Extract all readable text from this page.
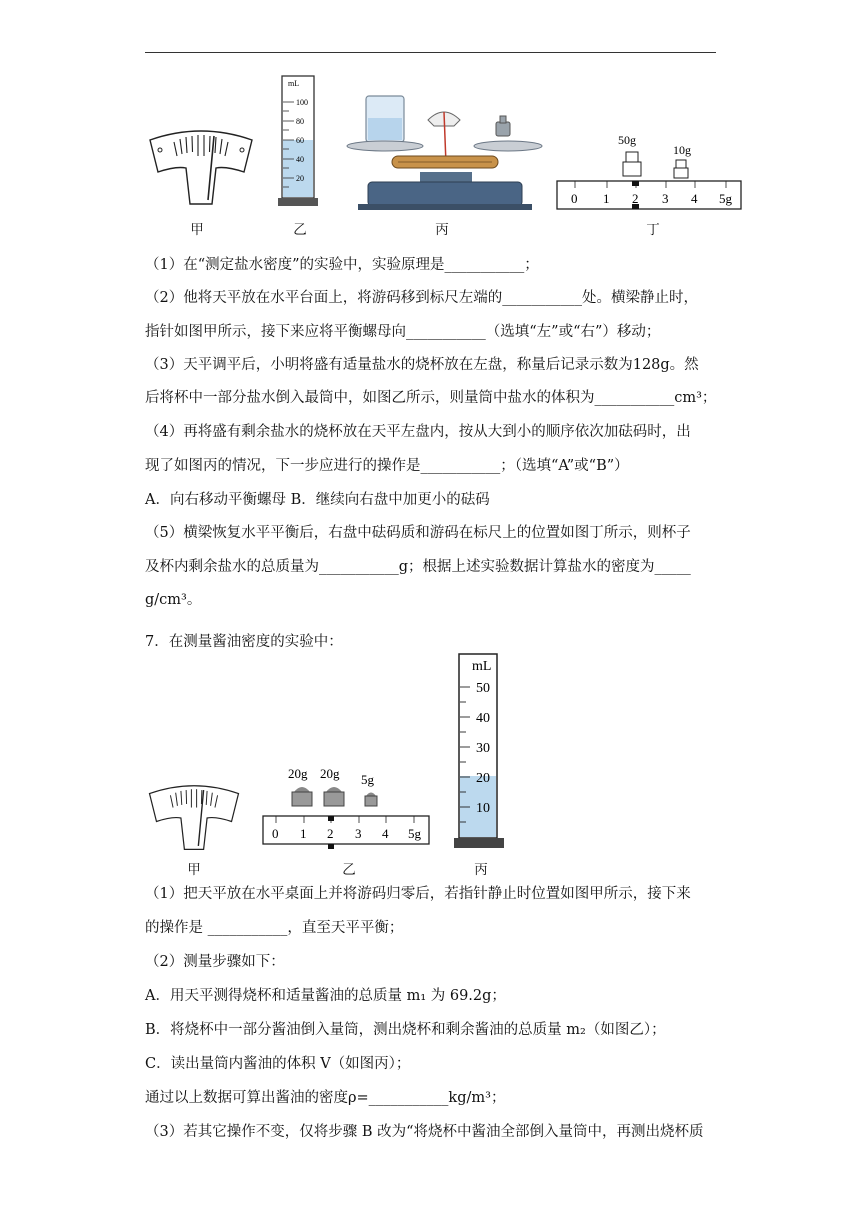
mL
100
80
60
40
20
50g
10g
0 1 2 3 4 5g
甲	乙	丙	丁
（1）在“测定盐水密度”的实验中，实验原理是___________；
（2）他将天平放在水平台面上，将游码移到标尺左端的___________处。横梁静止时，
指针如图甲所示，接下来应将平衡螺母向___________（选填“左”或“右”）移动；
（3）天平调平后，小明将盛有适量盐水的烧杯放在左盘，称量后记录示数为128g。然
后将杯中一部分盐水倒入最筒中，如图乙所示，则量筒中盐水的体积为___________cm³；
（4）再将盛有剩余盐水的烧杯放在天平左盘内，按从大到小的顺序依次加砝码时，出
现了如图丙的情况，下一步应进行的操作是___________；（选填“A”或“B”）
A．向右移动平衡螺母 B．继续向右盘中加更小的砝码
（5）横梁恢复水平平衡后，右盘中砝码质和游码在标尺上的位置如图丁所示，则杯子
及杯内剩余盐水的总质量为___________g；根据上述实验数据计算盐水的密度为_____
g/cm³。
7．在测量酱油密度的实验中：
20g 20g 5g
0 1 2 3 4 5g
mL
50
40
30
20
10
甲	乙	丙
（1）把天平放在水平桌面上并将游码归零后，若指针静止时位置如图甲所示，接下来
的操作是 ___________，直至天平平衡；
（2）测量步骤如下：
A．用天平测得烧杯和适量酱油的总质量 m₁ 为 69.2g；
B．将烧杯中一部分酱油倒入量筒，测出烧杯和剩余酱油的总质量 m₂（如图乙）；
C．读出量筒内酱油的体积 V（如图丙）；
通过以上数据可算出酱油的密度ρ=___________kg/m³；
（3）若其它操作不变，仅将步骤 B 改为“将烧杯中酱油全部倒入量筒中，再测出烧杯质
